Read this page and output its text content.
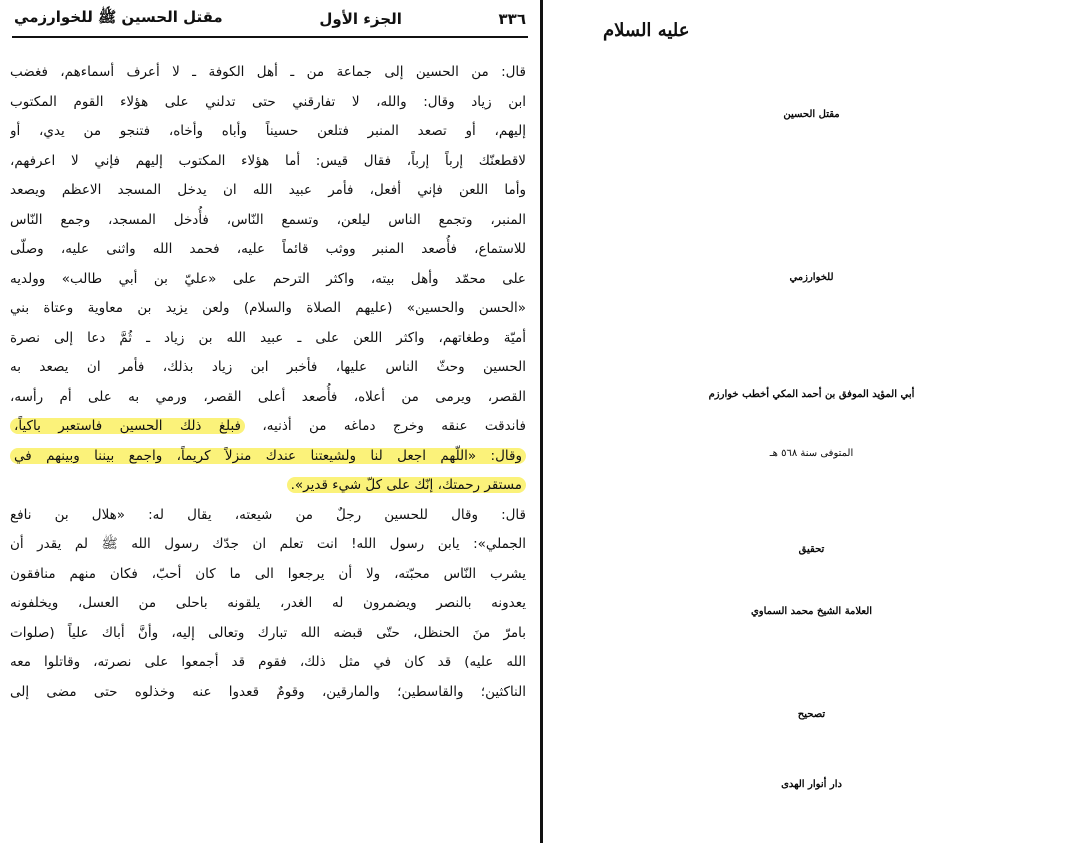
٣٣٦
الجزء الأول
مقتل الحسين ﷺ للخوارزمي
قال: من الحسين إلى جماعة من ـ أهل الكوفة ـ لا أعرف أسماءهم، فغضب
ابن زياد وقال: والله، لا تفارقني حتى تدلني على هؤلاء القوم المكتوب
إليهم، أو تصعد المنبر فتلعن حسيناً وأباه وأخاه، فتنجو من يدي، أو
لاقطعنّك إرباً إرباً، فقال قيس: أما هؤلاء المكتوب إليهم فإني لا اعرفهم،
وأما اللعن فإني أفعل، فأمر عبيد الله ان يدخل المسجد الاعظم ويصعد
المنبر، وتجمع الناس ليلعن، وتسمع النّاس، فأُدخل المسجد، وجمع النّاس
للاستماع، فأُصعد المنبر ووثب قائماً عليه، فحمد الله واثنى عليه، وصلّى
على محمّد وأهل بيته، واكثر الترحم على «عليّ بن أبي طالب» وولديه
«الحسن والحسين» (عليهم الصلاة والسلام) ولعن يزيد بن معاوية وعتاة بني
أميّة وطغاتهم، واكثر اللعن على ـ عبيد الله بن زياد ـ ثُمَّ دعا إلى نصرة
الحسين وحثّ الناس عليها، فأخبر ابن زياد بذلك، فأمر ان يصعد به
القصر، ويرمى من أعلاه، فأُصعد أعلى القصر، ورمي به على أم رأسه،
فاندقت عنقه وخرج دماغه من أذنيه، فبلغ ذلك الحسين فاستعبر باكياً،
وقال: «اللّهم اجعل لنا ولشيعتنا عندك منزلاً كريماً، واجمع بيننا وبينهم في
مستقر رحمتك، إنّك على كلّ شيء قدير».
قال: وقال للحسين رجلٌ من شيعته، يقال له: «هلال بن نافع
الجملي»: يابن رسول الله! انت تعلم ان جدّك رسول الله ﷺ لم يقدر أن
يشرب النّاس محبّته، ولا أن يرجعوا الى ما كان أحبّ، فكان منهم منافقون
يعدونه بالنصر ويضمرون له الغدر، يلقونه باحلى من العسل، ويخلفونه
بامرّ منَ الحنظل، حتّى قبضه الله تبارك وتعالى إليه، وأنَّ أباك علياً (صلوات
الله عليه) قد كان في مثل ذلك، فقوم قد أجمعوا على نصرته، وقاتلوا معه
الناكثين؛ والقاسطين؛ والمارقين، وقومٌ قعدوا عنه وخذلوه حتى مضى إلى
مقتل الحسين
عليه السلام
للخوارزمي
أبي المؤيد الموفق بن أحمد المكي أخطب خوارزم
المتوفى سنة ٥٦٨ هـ
تحقيق
العلامة الشيخ محمد السماوي
تصحيح
دار أنوار الهدى
